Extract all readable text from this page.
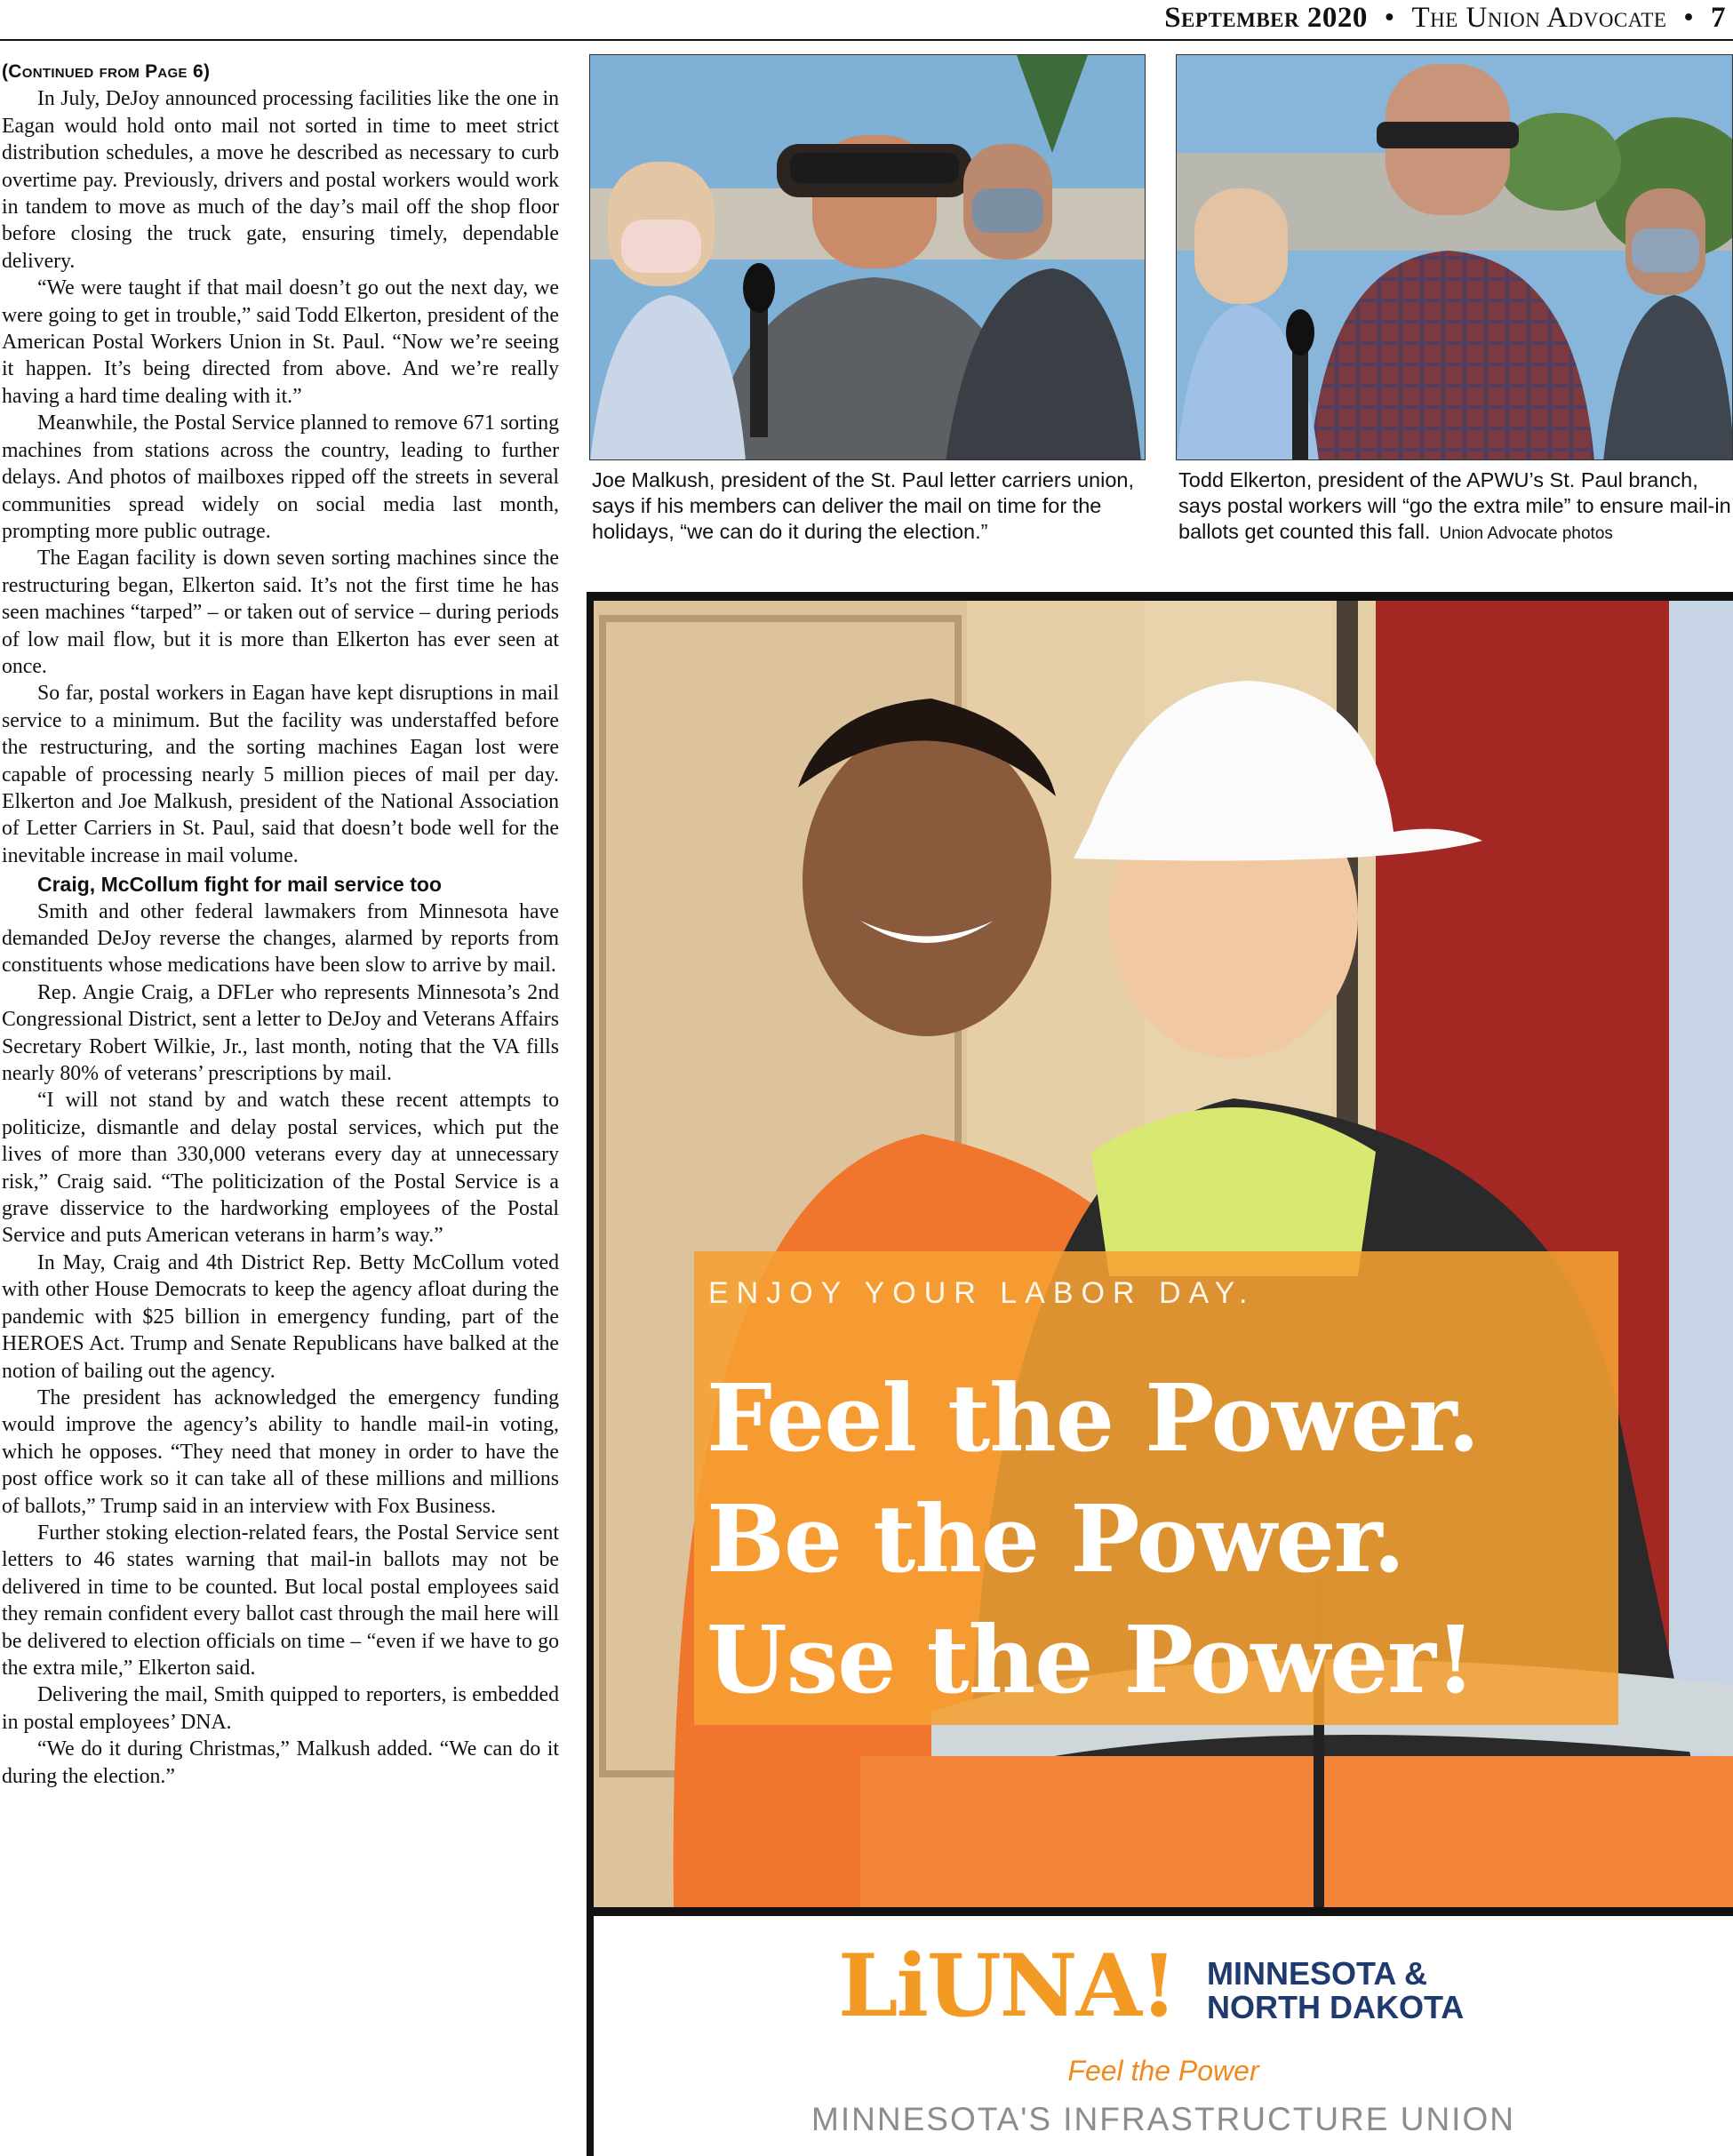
September 2020 • The Union Advocate • 7

(Continued from Page 6)

In July, DeJoy announced processing facilities like the one in Eagan would hold onto mail not sorted in time to meet strict distribution schedules, a move he described as necessary to curb overtime pay. Previously, drivers and postal workers would work in tandem to move as much of the day’s mail off the shop floor before closing the truck gate, ensuring timely, dependable delivery.

“We were taught if that mail doesn’t go out the next day, we were going to get in trouble,” said Todd Elkerton, president of the American Postal Workers Union in St. Paul. “Now we’re seeing it happen. It’s being directed from above. And we’re really having a hard time dealing with it.”

Meanwhile, the Postal Service planned to remove 671 sorting machines from stations across the country, leading to further delays. And photos of mailboxes ripped off the streets in several communities spread widely on social media last month, prompting more public outrage.

The Eagan facility is down seven sorting machines since the restructuring began, Elkerton said. It’s not the first time he has seen machines “tarped” – or taken out of service – during periods of low mail flow, but it is more than Elkerton has ever seen at once.

So far, postal workers in Eagan have kept disruptions in mail service to a minimum. But the facility was understaffed before the restructuring, and the sorting machines Eagan lost were capable of processing nearly 5 million pieces of mail per day. Elkerton and Joe Malkush, president of the National Association of Letter Carriers in St. Paul, said that doesn’t bode well for the inevitable increase in mail volume.

Craig, McCollum fight for mail service too

Smith and other federal lawmakers from Minnesota have demanded DeJoy reverse the changes, alarmed by reports from constituents whose medications have been slow to arrive by mail.

Rep. Angie Craig, a DFLer who represents Minnesota’s 2nd Congressional District, sent a letter to DeJoy and Veterans Affairs Secretary Robert Wilkie, Jr., last month, noting that the VA fills nearly 80% of veterans’ prescriptions by mail.

“I will not stand by and watch these recent attempts to politicize, dismantle and delay postal services, which put the lives of more than 330,000 veterans every day at unnecessary risk,” Craig said. “The politicization of the Postal Service is a grave disservice to the hardworking employees of the Postal Service and puts American veterans in harm’s way.”

In May, Craig and 4th District Rep. Betty McCollum voted with other House Democrats to keep the agency afloat during the pandemic with $25 billion in emergency funding, part of the HEROES Act. Trump and Senate Republicans have balked at the notion of bailing out the agency.

The president has acknowledged the emergency funding would improve the agency’s ability to handle mail-in voting, which he opposes. “They need that money in order to have the post office work so it can take all of these millions and millions of ballots,” Trump said in an interview with Fox Business.

Further stoking election-related fears, the Postal Service sent letters to 46 states warning that mail-in ballots may not be delivered in time to be counted. But local postal employees said they remain confident every ballot cast through the mail here will be delivered to election officials on time – “even if we have to go the extra mile,” Elkerton said.

Delivering the mail, Smith quipped to reporters, is embedded in postal employees’ DNA.

“We do it during Christmas,” Malkush added. “We can do it during the election.”

Joe Malkush, president of the St. Paul letter carriers union, says if his members can deliver the mail on time for the holidays, “we can do it during the election.”
Todd Elkerton, president of the APWU’s St. Paul branch, says postal workers will “go the extra mile” to ensure mail-in ballots get counted this fall. Union Advocate photos
ENJOY YOUR LABOR DAY.
Feel the Power.
Be the Power.
Use the Power!
LiUNA! MINNESOTA &
NORTH DAKOTA
Feel the Power
MINNESOTA'S INFRASTRUCTURE UNION
